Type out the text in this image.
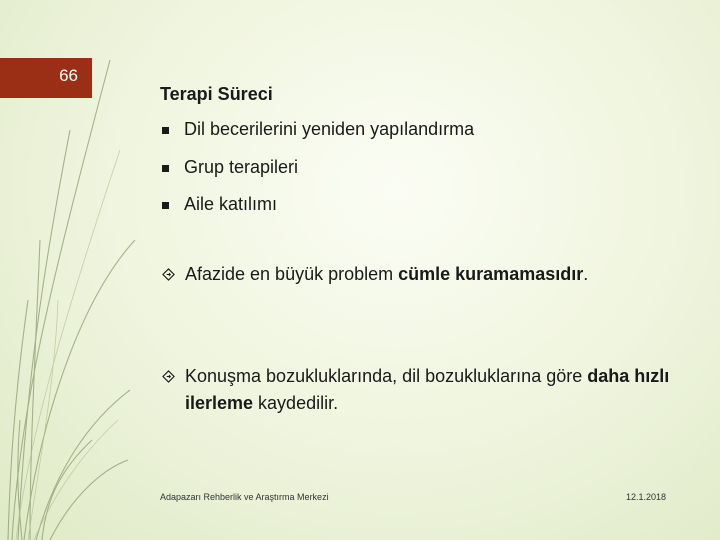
66
Terapi Süreci
Dil becerilerini yeniden yapılandırma
Grup terapileri
Aile katılımı
Afazide en büyük problem cümle kuramamasıdır.
Konuşma bozukluklarında, dil bozukluklarına göre daha hızlı ilerleme kaydedilir.
Adapazarı Rehberlik ve Araştırma Merkezi	12.1.2018
